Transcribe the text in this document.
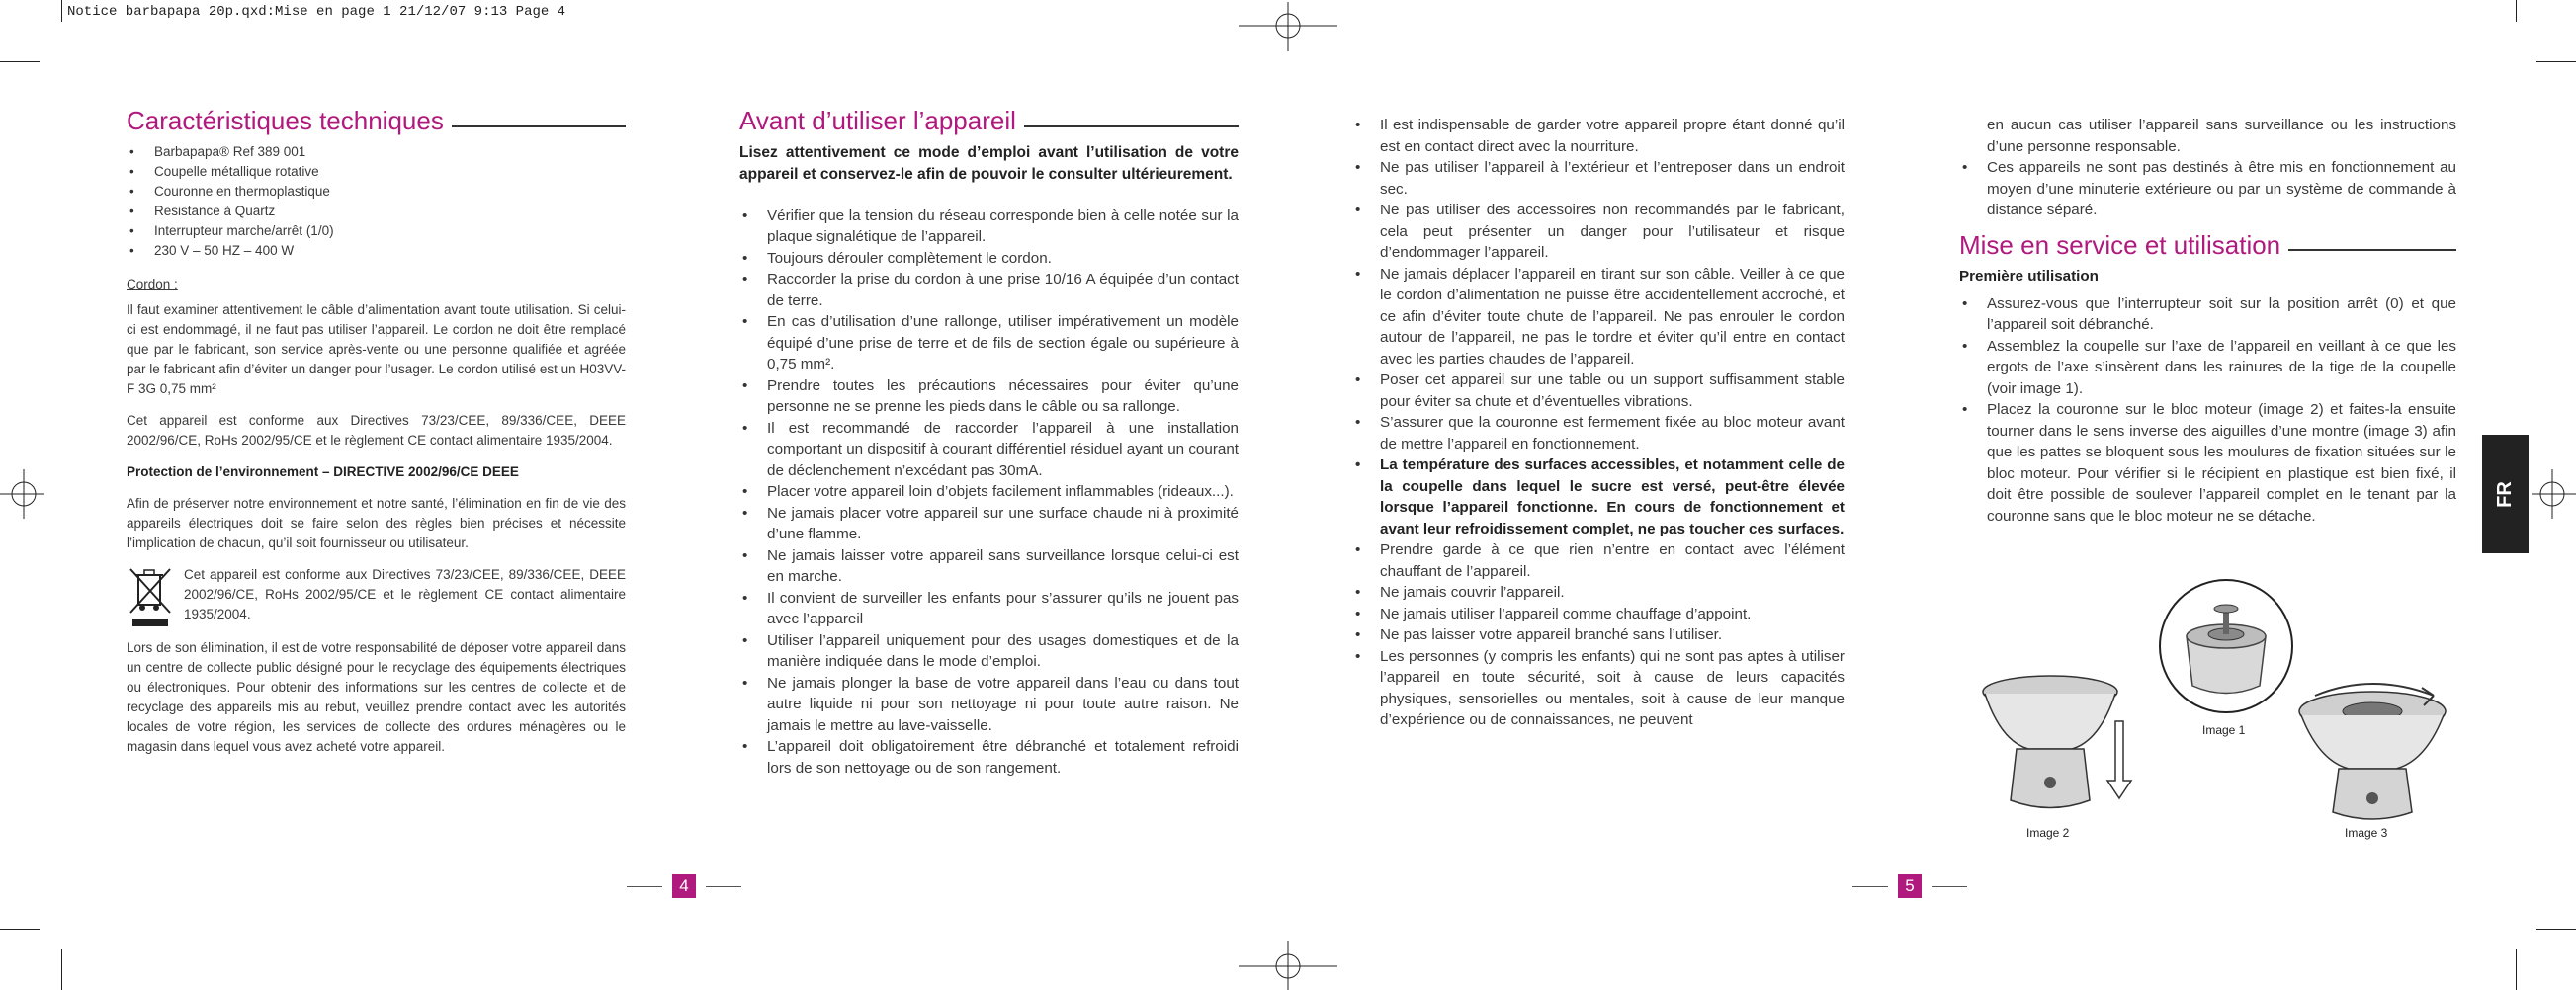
Notice barbapapa 20p.qxd:Mise en page 1 21/12/07 9:13 Page 4
Caractéristiques techniques
• Barbapapa® Ref 389 001
• Coupelle métallique rotative
• Couronne en thermoplastique
• Resistance à Quartz
• Interrupteur marche/arrêt (1/0)
• 230 V – 50 HZ – 400 W
Cordon :

Il faut examiner attentivement le câble d’alimentation avant toute utilisation. Si celui-ci est endommagé, il ne faut pas utiliser l’appareil. Le cordon ne doit être remplacé que par le fabricant, son service après-vente ou une personne qualifiée et agréée par le fabricant afin d’éviter un danger pour l’usager. Le cordon utilisé est un H03VV-F 3G 0,75 mm²

Cet appareil est conforme aux Directives 73/23/CEE, 89/336/CEE, DEEE 2002/96/CE, RoHs 2002/95/CE et le règlement CE contact alimentaire 1935/2004.

Protection de l’environnement – DIRECTIVE 2002/96/CE DEEE

Afin de préserver notre environnement et notre santé, l’élimination en fin de vie des appareils électriques doit se faire selon des règles bien précises et nécessite l’implication de chacun, qu’il soit fournisseur ou utilisateur.

Cet appareil est conforme aux Directives 73/23/CEE, 89/336/CEE, DEEE 2002/96/CE, RoHs 2002/95/CE et le règlement CE contact alimentaire 1935/2004.

Lors de son élimination, il est de votre responsabilité de déposer votre appareil dans un centre de collecte public désigné pour le recyclage des équipements électriques ou électroniques. Pour obtenir des informations sur les centres de collecte et de recyclage des appareils mis au rebut, veuillez prendre contact avec les autorités locales de votre région, les services de collecte des ordures ménagères ou le magasin dans lequel vous avez acheté votre appareil.

Avant d’utiliser l’appareil

Lisez attentivement ce mode d’emploi avant l’utilisation de votre appareil et conservez-le afin de pouvoir le consulter ultérieurement.

• Vérifier que la tension du réseau corresponde bien à celle notée sur la plaque signalétique de l’appareil.
• Toujours dérouler complètement le cordon.
• Raccorder la prise du cordon à une prise 10/16 A équipée d’un contact de terre.
• En cas d’utilisation d’une rallonge, utiliser impérativement un modèle équipé d’une prise de terre et de fils de section égale ou supérieure à 0,75 mm².
• Prendre toutes les précautions nécessaires pour éviter qu’une personne ne se prenne les pieds dans le câble ou sa rallonge.
• Il est recommandé de raccorder l’appareil à une installation comportant un dispositif à courant différentiel résiduel ayant un courant de déclenchement n’excédant pas 30mA.
• Placer votre appareil loin d’objets facilement inflammables (rideaux...).
• Ne jamais placer votre appareil sur une surface chaude ni à proximité d’une flamme.
• Ne jamais laisser votre appareil sans surveillance lorsque celui-ci est en marche.
• Il convient de surveiller les enfants pour s’assurer qu’ils ne jouent pas avec l’appareil
• Utiliser l’appareil uniquement pour des usages domestiques et de la manière indiquée dans le mode d’emploi.
• Ne jamais plonger la base de votre appareil dans l’eau ou dans tout autre liquide ni pour son nettoyage ni pour toute autre raison. Ne jamais le mettre au lave-vaisselle.
• L’appareil doit obligatoirement être débranché et totalement refroidi lors de son nettoyage ou de son rangement.
4
• Il est indispensable de garder votre appareil propre étant donné qu’il est en contact direct avec la nourriture.
• Ne pas utiliser l’appareil à l’extérieur et l’entreposer dans un endroit sec.
• Ne pas utiliser des accessoires non recommandés par le fabricant, cela peut présenter un danger pour l’utilisateur et risque d’endommager l’appareil.
• Ne jamais déplacer l’appareil en tirant sur son câble. Veiller à ce que le cordon d’alimentation ne puisse être accidentellement accroché, et ce afin d’éviter toute chute de l’appareil. Ne pas enrouler le cordon autour de l’appareil, ne pas le tordre et éviter qu’il entre en contact avec les parties chaudes de l’appareil.
• Poser cet appareil sur une table ou un support suffisamment stable pour éviter sa chute et d’éventuelles vibrations.
• S’assurer que la couronne est fermement fixée au bloc moteur avant de mettre l’appareil en fonctionnement.
• La température des surfaces accessibles, et notamment celle de la coupelle dans lequel le sucre est versé, peut-être élevée lorsque l’appareil fonctionne. En cours de fonctionnement et avant leur refroidissement complet, ne pas toucher ces surfaces.
• Prendre garde à ce que rien n’entre en contact avec l’élément chauffant de l’appareil.
• Ne jamais couvrir l’appareil.
• Ne jamais utiliser l’appareil comme chauffage d’appoint.
• Ne pas laisser votre appareil branché sans l’utiliser.
• Les personnes (y compris les enfants) qui ne sont pas aptes à utiliser l’appareil en toute sécurité, soit à cause de leurs capacités physiques, sensorielles ou mentales, soit à cause de leur manque d’expérience ou de connaissances, ne peuvent
5

en aucun cas utiliser l’appareil sans surveillance ou les instructions d’une personne responsable.

• Ces appareils ne sont pas destinés à être mis en fonctionnement au moyen d’une minuterie extérieure ou par un système de commande à distance séparé.
Mise en service et utilisation
Première utilisation
• Assurez-vous que l’interrupteur soit sur la position arrêt (0) et que l’appareil soit débranché.
• Assemblez la coupelle sur l’axe de l’appareil en veillant à ce que les ergots de l’axe s’insèrent dans les rainures de la tige de la coupelle (voir image 1).
• Placez la couronne sur le bloc moteur (image 2) et faites-la ensuite tourner dans le sens inverse des aiguilles d’une montre (image 3) afin que les pattes se bloquent sous les moulures de fixation situées sur le bloc moteur. Pour vérifier si le récipient en plastique est bien fixé, il doit être possible de soulever l’appareil complet en le tenant par la couronne sans que le bloc moteur ne se détache.
Image 1
Image 2	Image 3
FR
